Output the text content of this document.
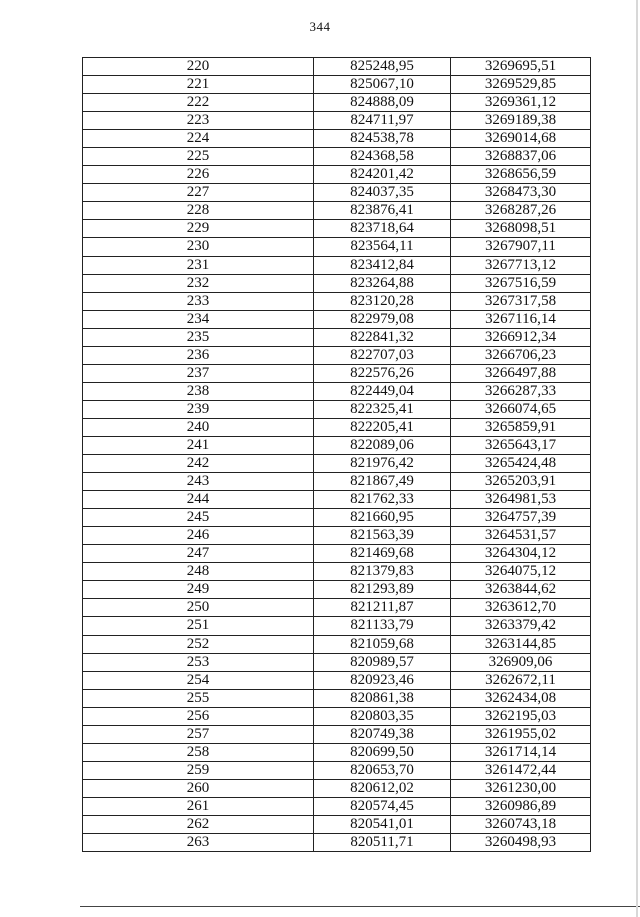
344
220	825248,95	3269695,51
221	825067,10	3269529,85
222	824888,09	3269361,12
223	824711,97	3269189,38
224	824538,78	3269014,68
225	824368,58	3268837,06
226	824201,42	3268656,59
227	824037,35	3268473,30
228	823876,41	3268287,26
229	823718,64	3268098,51
230	823564,11	3267907,11
231	823412,84	3267713,12
232	823264,88	3267516,59
233	823120,28	3267317,58
234	822979,08	3267116,14
235	822841,32	3266912,34
236	822707,03	3266706,23
237	822576,26	3266497,88
238	822449,04	3266287,33
239	822325,41	3266074,65
240	822205,41	3265859,91
241	822089,06	3265643,17
242	821976,42	3265424,48
243	821867,49	3265203,91
244	821762,33	3264981,53
245	821660,95	3264757,39
246	821563,39	3264531,57
247	821469,68	3264304,12
248	821379,83	3264075,12
249	821293,89	3263844,62
250	821211,87	3263612,70
251	821133,79	3263379,42
252	821059,68	3263144,85
253	820989,57	326909,06
254	820923,46	3262672,11
255	820861,38	3262434,08
256	820803,35	3262195,03
257	820749,38	3261955,02
258	820699,50	3261714,14
259	820653,70	3261472,44
260	820612,02	3261230,00
261	820574,45	3260986,89
262	820541,01	3260743,18
263	820511,71	3260498,93
